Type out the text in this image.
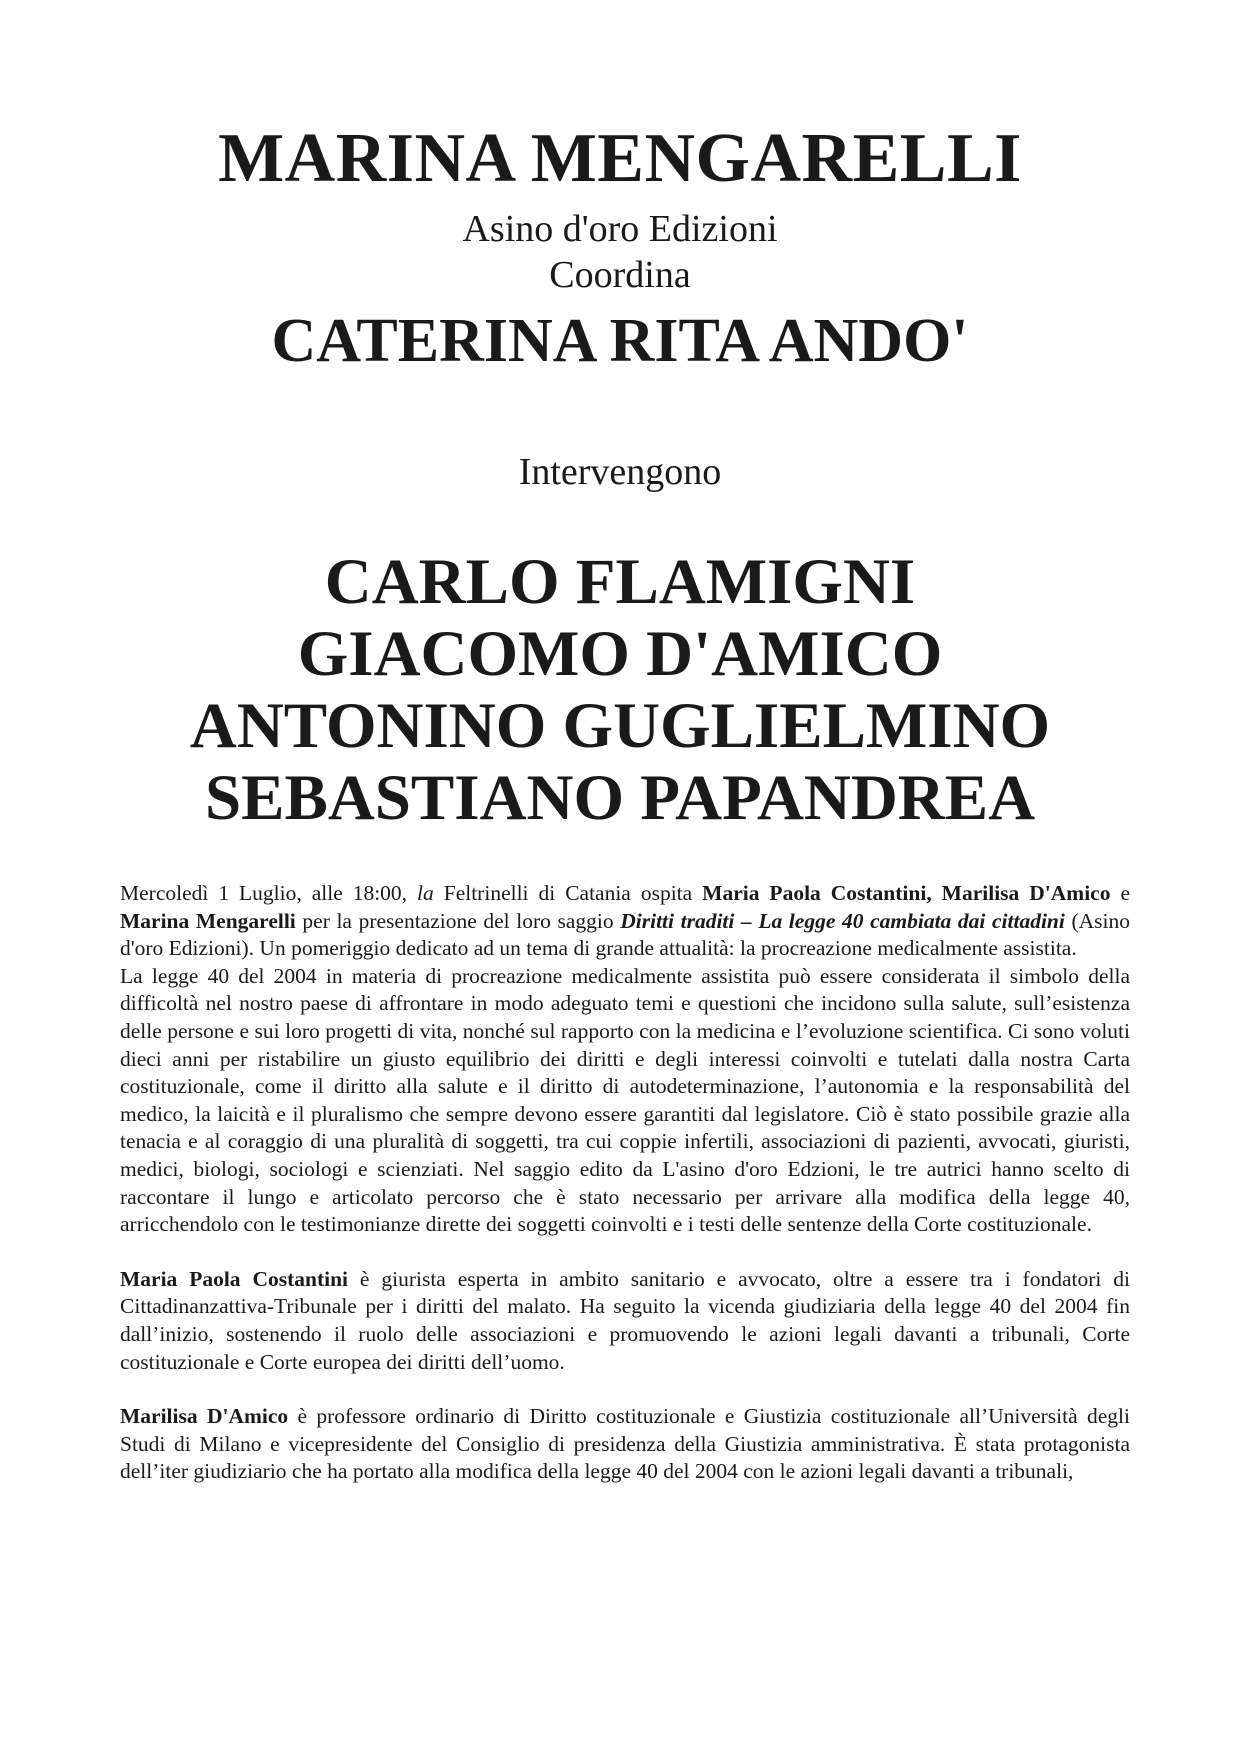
MARINA MENGARELLI
Asino d'oro Edizioni
Coordina
CATERINA RITA ANDO'
Intervengono
CARLO FLAMIGNI
GIACOMO D'AMICO
ANTONINO GUGLIELMINO
SEBASTIANO PAPANDREA

Mercoledì 1 Luglio, alle 18:00, la Feltrinelli di Catania ospita Maria Paola Costantini, Marilisa D'Amico e Marina Mengarelli per la presentazione del loro saggio Diritti traditi – La legge 40 cambiata dai cittadini (Asino d'oro Edizioni). Un pomeriggio dedicato ad un tema di grande attualità: la procreazione medicalmente assistita.

La legge 40 del 2004 in materia di procreazione medicalmente assistita può essere considerata il simbolo della difficoltà nel nostro paese di affrontare in modo adeguato temi e questioni che incidono sulla salute, sull’esistenza delle persone e sui loro progetti di vita, nonché sul rapporto con la medicina e l’evoluzione scientifica. Ci sono voluti dieci anni per ristabilire un giusto equilibrio dei diritti e degli interessi coinvolti e tutelati dalla nostra Carta costituzionale, come il diritto alla salute e il diritto di autodeterminazione, l’autonomia e la responsabilità del medico, la laicità e il pluralismo che sempre devono essere garantiti dal legislatore. Ciò è stato possibile grazie alla tenacia e al coraggio di una pluralità di soggetti, tra cui coppie infertili, associazioni di pazienti, avvocati, giuristi, medici, biologi, sociologi e scienziati. Nel saggio edito da L'asino d'oro Edzioni, le tre autrici hanno scelto di raccontare il lungo e articolato percorso che è stato necessario per arrivare alla modifica della legge 40, arricchendolo con le testimonianze dirette dei soggetti coinvolti e i testi delle sentenze della Corte costituzionale.

Maria Paola Costantini è giurista esperta in ambito sanitario e avvocato, oltre a essere tra i fondatori di Cittadinanzattiva-Tribunale per i diritti del malato. Ha seguito la vicenda giudiziaria della legge 40 del 2004 fin dall’inizio, sostenendo il ruolo delle associazioni e promuovendo le azioni legali davanti a tribunali, Corte costituzionale e Corte europea dei diritti dell’uomo.

Marilisa D'Amico è professore ordinario di Diritto costituzionale e Giustizia costituzionale all’Università degli Studi di Milano e vicepresidente del Consiglio di presidenza della Giustizia amministrativa. È stata protagonista dell’iter giudiziario che ha portato alla modifica della legge 40 del 2004 con le azioni legali davanti a tribunali,
